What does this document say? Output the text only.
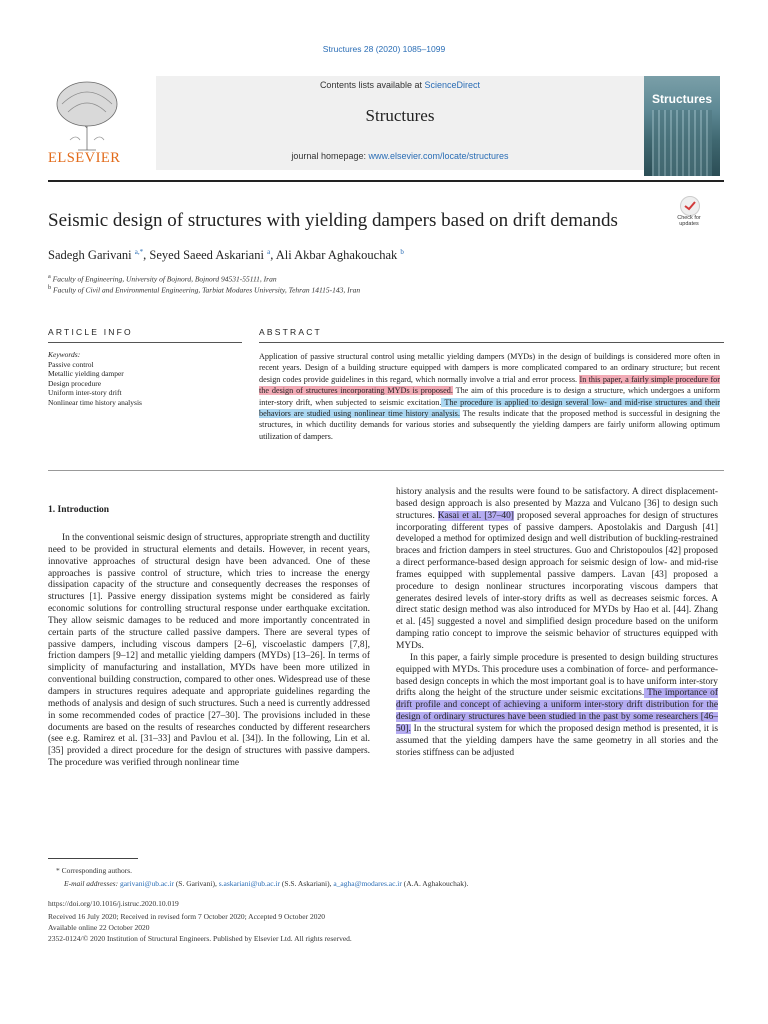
Structures 28 (2020) 1085–1099
ELSEVIER
Contents lists available at ScienceDirect
Structures
journal homepage: www.elsevier.com/locate/structures
Structures
Seismic design of structures with yielding dampers based on drift demands	Check for
updates
Sadegh Garivani $^{a,*}$, Seyed Saeed Askariani $^a$, Ali Akbar Aghakouchak $^b$
$^a$ Faculty of Engineering, University of Bojnord, Bojnord 94531-55111, Iran
$^b$ Faculty of Civil and Environmental Engineering, Tarbiat Modares University, Tehran 14115-143, Iran
ARTICLE INFO	ABSTRACT
Keywords:
Passive control
Metallic yielding damper
Design procedure
Uniform inter-story drift
Nonlinear time history analysis
Application of passive structural control using metallic yielding dampers (MYDs) in the design of buildings is considered more often in recent years. Design of a building structure equipped with dampers is more complicated compared to an ordinary structure; but recent design codes provide guidelines in this regard, which normally involve a trial and error process. In this paper, a fairly simple procedure for the design of structures incorporating MYDs is proposed. The aim of this procedure is to design a structure, which undergoes a uniform inter-story drift, when subjected to seismic excitation. The procedure is applied to design several low- and mid-rise structures and their behaviors are studied using nonlinear time history analysis. The results indicate that the proposed method is successful in designing the structures, in which ductility demands for various stories and subsequently the yielding dampers are fairly uniform allowing optimum utilization of dampers.
1. Introduction

In the conventional seismic design of structures, appropriate strength and ductility need to be provided in structural elements and details. However, in recent years, innovative approaches of structural design have been advanced. One of these approaches is passive control of structure, which tries to increase the energy dissipation capacity of the structure and consequently decreases the responses of structures [1]. Passive energy dissipation systems might be considered as fairly economic solutions for controlling structural response under earthquake excitation. They allow seismic damages to be reduced and more importantly concentrated in certain parts of the structure called passive dampers. There are several types of passive dampers, including viscous dampers [2–6], viscoelastic dampers [7,8], friction dampers [9–12] and metallic yielding dampers (MYDs) [13–26]. In terms of simplicity of manufacturing and installation, MYDs have been more utilized in conventional building construction, compared to other ones. Widespread use of these dampers in structures requires adequate and appropriate guidelines regarding the methods of analysis and design of such structures. Such a need is currently addressed in some recommended codes of practice [27–30]. The provisions included in these documents are based on the results of researches conducted by different researchers (see e.g. Ramirez et al. [31–33] and Pavlou et al. [34]). In the following, Lin et al. [35] provided a direct procedure for the design of structures with passive dampers. The procedure was verified through nonlinear time

history analysis and the results were found to be satisfactory. A direct displacement-based design approach is also presented by Mazza and Vulcano [36] to design such structures. Kasai et al. [37–40] proposed several approaches for design of structures incorporating different types of passive dampers. Apostolakis and Dargush [41] developed a method for optimized design and well distribution of buckling-restrained braces and friction dampers in steel structures. Guo and Christopoulos [42] proposed a direct performance-based design approach for seismic design of low- and mid-rise frames equipped with supplemental passive dampers. Lavan [43] proposed a procedure to design nonlinear structures incorporating viscous dampers that generates desired levels of inter-story drifts as well as decreases seismic forces. A direct static design method was also introduced for MYDs by Hao et al. [44]. Zhang et al. [45] suggested a novel and simplified design procedure based on the uniform damping ratio concept to improve the seismic behavior of structures equipped with MYDs.

In this paper, a fairly simple procedure is presented to design building structures equipped with MYDs. This procedure uses a combination of force- and performance-based design concepts in which the most important goal is to have uniform inter-story drifts along the height of the structure under seismic excitations. The importance of drift profile and concept of achieving a uniform inter-story drift distribution for the design of ordinary structures have been studied in the past by some researchers [46–50]. In the structural system for which the proposed design method is presented, it is assumed that the yielding dampers have the same geometry in all stories and the stories stiffness can be adjusted

* Corresponding authors.
E-mail addresses: garivani@ub.ac.ir (S. Garivani), s.askariani@ub.ac.ir (S.S. Askariani), a_agha@modares.ac.ir (A.A. Aghakouchak).
https://doi.org/10.1016/j.istruc.2020.10.019
Received 16 July 2020; Received in revised form 7 October 2020; Accepted 9 October 2020
Available online 22 October 2020
2352-0124/© 2020 Institution of Structural Engineers. Published by Elsevier Ltd. All rights reserved.
